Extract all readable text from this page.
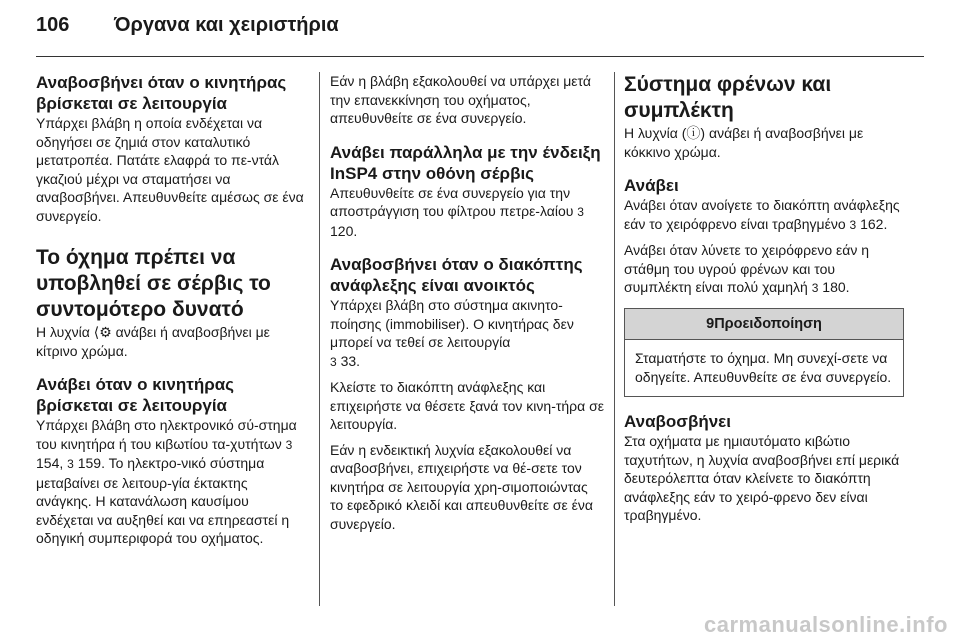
106	Όργανα και χειριστήρια
Αναβοσβήνει όταν ο κινητήρας βρίσκεται σε λειτουργία

Υπάρχει βλάβη η οποία ενδέχεται να οδηγήσει σε ζημιά στον καταλυτικό μετατροπέα. Πατάτε ελαφρά το πε-ντάλ γκαζιού μέχρι να σταματήσει να αναβοσβήνει. Απευθυνθείτε αμέσως σε ένα συνεργείο.

Το όχημα πρέπει να υποβληθεί σε σέρβις το συντομότερο δυνατό

Η λυχνία ⟨⚙ ανάβει ή αναβοσβήνει με κίτρινο χρώμα.

Ανάβει όταν ο κινητήρας βρίσκεται σε λειτουργία

Υπάρχει βλάβη στο ηλεκτρονικό σύ-στημα του κινητήρα ή του κιβωτίου τα-χυτήτων 3 154, 3 159. Το ηλεκτρο-νικό σύστημα μεταβαίνει σε λειτουρ-γία έκτακτης ανάγκης. Η κατανάλωση καυσίμου ενδέχεται να αυξηθεί και να επηρεαστεί η οδηγική συμπεριφορά του οχήματος.

Εάν η βλάβη εξακολουθεί να υπάρχει μετά την επανεκκίνηση του οχήματος, απευθυνθείτε σε ένα συνεργείο.

Ανάβει παράλληλα με την ένδειξη InSP4 στην οθόνη σέρβις

Απευθυνθείτε σε ένα συνεργείο για την αποστράγγιση του φίλτρου πετρε-λαίου 3 120.

Αναβοσβήνει όταν ο διακόπτης ανάφλεξης είναι ανοικτός

Υπάρχει βλάβη στο σύστημα ακινητο-ποίησης (immobiliser). Ο κινητήρας δεν μπορεί να τεθεί σε λειτουργία
3 33.

Κλείστε το διακόπτη ανάφλεξης και επιχειρήστε να θέσετε ξανά τον κινη-τήρα σε λειτουργία.

Εάν η ενδεικτική λυχνία εξακολουθεί να αναβοσβήνει, επιχειρήστε να θέ-σετε τον κινητήρα σε λειτουργία χρη-σιμοποιώντας το εφεδρικό κλειδί και απευθυνθείτε σε ένα συνεργείο.

Σύστημα φρένων και συμπλέκτη

Η λυχνία (ⓘ) ανάβει ή αναβοσβήνει με κόκκινο χρώμα.

Ανάβει

Ανάβει όταν ανοίγετε το διακόπτη ανάφλεξης εάν το χειρόφρενο είναι τραβηγμένο 3 162.

Ανάβει όταν λύνετε το χειρόφρενο εάν η στάθμη του υγρού φρένων και του συμπλέκτη είναι πολύ χαμηλή 3 180.

9Προειδοποίηση
Σταματήστε το όχημα. Μη συνεχί-σετε να οδηγείτε. Απευθυνθείτε σε ένα συνεργείο.
Αναβοσβήνει

Στα οχήματα με ημιαυτόματο κιβώτιο ταχυτήτων, η λυχνία αναβοσβήνει επί μερικά δευτερόλεπτα όταν κλείνετε το διακόπτη ανάφλεξης εάν το χειρό-φρενο δεν είναι τραβηγμένο.

carmanualsonline.info
